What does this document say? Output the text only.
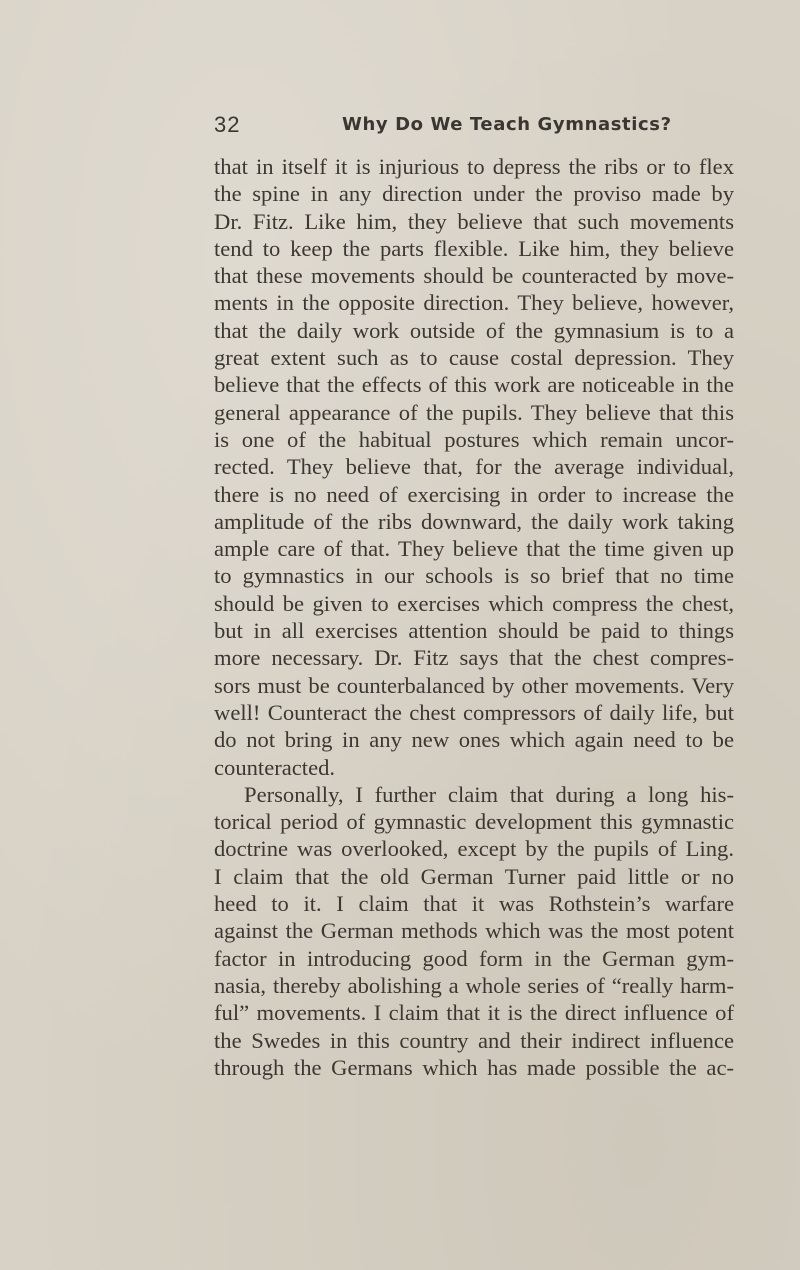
32	Why Do We Teach Gymnastics?
that in itself it is injurious to depress the ribs or to flex
the spine in any direction under the proviso made by
Dr. Fitz. Like him, they believe that such movements
tend to keep the parts flexible. Like him, they believe
that these movements should be counteracted by move-
ments in the opposite direction. They believe, however,
that the daily work outside of the gymnasium is to a
great extent such as to cause costal depression. They
believe that the effects of this work are noticeable in the
general appearance of the pupils. They believe that this
is one of the habitual postures which remain uncor-
rected. They believe that, for the average individual,
there is no need of exercising in order to increase the
amplitude of the ribs downward, the daily work taking
ample care of that. They believe that the time given up
to gymnastics in our schools is so brief that no time
should be given to exercises which compress the chest,
but in all exercises attention should be paid to things
more necessary. Dr. Fitz says that the chest compres-
sors must be counterbalanced by other movements. Very
well! Counteract the chest compressors of daily life, but
do not bring in any new ones which again need to be
counteracted.
Personally, I further claim that during a long his-
torical period of gymnastic development this gymnastic
doctrine was overlooked, except by the pupils of Ling.
I claim that the old German Turner paid little or no
heed to it. I claim that it was Rothstein’s warfare
against the German methods which was the most potent
factor in introducing good form in the German gym-
nasia, thereby abolishing a whole series of “really harm-
ful” movements. I claim that it is the direct influence of
the Swedes in this country and their indirect influence
through the Germans which has made possible the ac-
